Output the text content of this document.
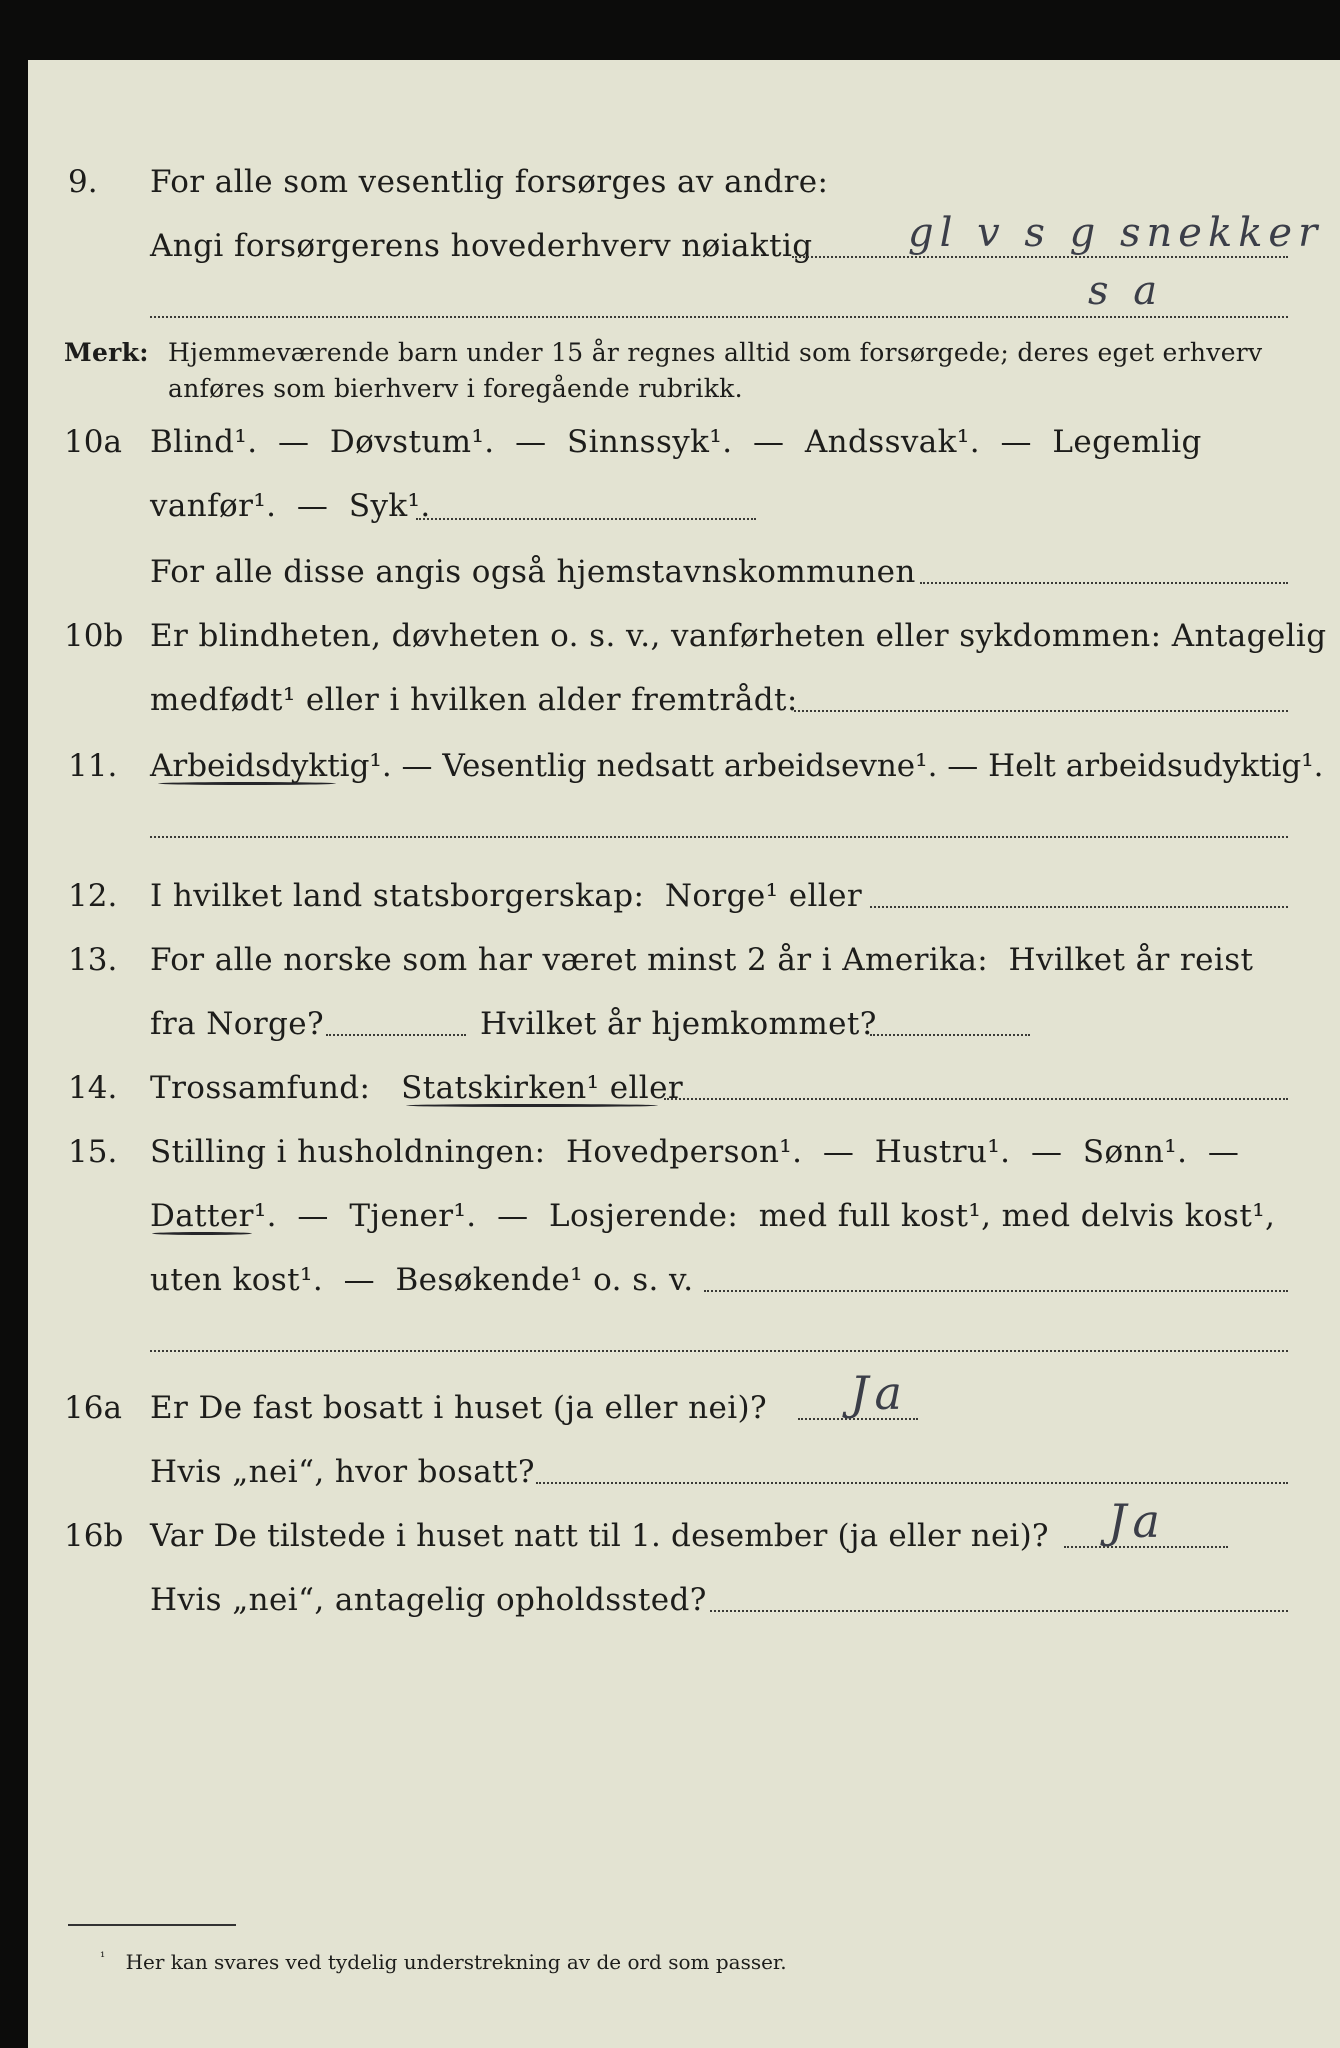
9. For alle som vesentlig forsørges av andre:
Angi forsørgerens hovederhverv nøiaktig gl v s g snekker
s a
Merk: Hjemmeværende barn under 15 år regnes alltid som forsørgede; deres eget erhverv
anføres som bierhverv i foregående rubrikk.
10a Blind¹.  —  Døvstum¹.  —  Sinnssyk¹.  —  Andssvak¹.  —  Legemlig
vanfør¹.  —  Syk¹.
For alle disse angis også hjemstavnskommunen
10b Er blindheten, døvheten o. s. v., vanførheten eller sykdommen: Antagelig
medfødt¹ eller i hvilken alder fremtrådt:
11. Arbeidsdyktig¹. — Vesentlig nedsatt arbeidsevne¹. — Helt arbeidsudyktig¹.
12. I hvilket land statsborgerskap:  Norge¹ eller
13. For alle norske som har været minst 2 år i Amerika:  Hvilket år reist
fra Norge?	Hvilket år hjemkommet?
14. Trossamfund:   Statskirken¹ eller
15. Stilling i husholdningen:  Hovedperson¹.  —  Hustru¹.  —  Sønn¹.  —
Datter¹.  —  Tjener¹.  —  Losjerende:  med full kost¹, med delvis kost¹,
uten kost¹.  —  Besøkende¹ o. s. v.
16a Er De fast bosatt i huset (ja eller nei)? Ja
Hvis „nei“, hvor bosatt?
16b Var De tilstede i huset natt til 1. desember (ja eller nei)? Ja
Hvis „nei“, antagelig opholdssted?
$^{^1}$ Her kan svares ved tydelig understrekning av de ord som passer.
